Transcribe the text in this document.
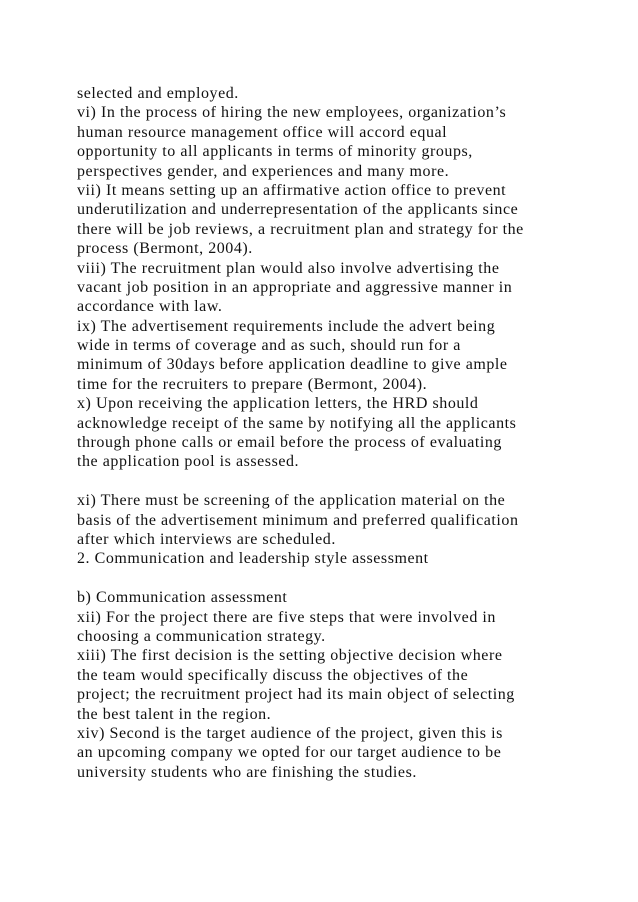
selected and employed.
vi) In the process of hiring the new employees, organization’s
human resource management office will accord equal
opportunity to all applicants in terms of minority groups,
perspectives gender, and experiences and many more.
vii) It means setting up an affirmative action office to prevent
underutilization and underrepresentation of the applicants since
there will be job reviews, a recruitment plan and strategy for the
process (Bermont, 2004).
viii) The recruitment plan would also involve advertising the
vacant job position in an appropriate and aggressive manner in
accordance with law.
ix) The advertisement requirements include the advert being
wide in terms of coverage and as such, should run for a
minimum of 30days before application deadline to give ample
time for the recruiters to prepare (Bermont, 2004).
x) Upon receiving the application letters, the HRD should
acknowledge receipt of the same by notifying all the applicants
through phone calls or email before the process of evaluating
the application pool is assessed.
xi) There must be screening of the application material on the
basis of the advertisement minimum and preferred qualification
after which interviews are scheduled.
2. Communication and leadership style assessment
b) Communication assessment
xii) For the project there are five steps that were involved in
choosing a communication strategy.
xiii) The first decision is the setting objective decision where
the team would specifically discuss the objectives of the
project; the recruitment project had its main object of selecting
the best talent in the region.
xiv) Second is the target audience of the project, given this is
an upcoming company we opted for our target audience to be
university students who are finishing the studies.
